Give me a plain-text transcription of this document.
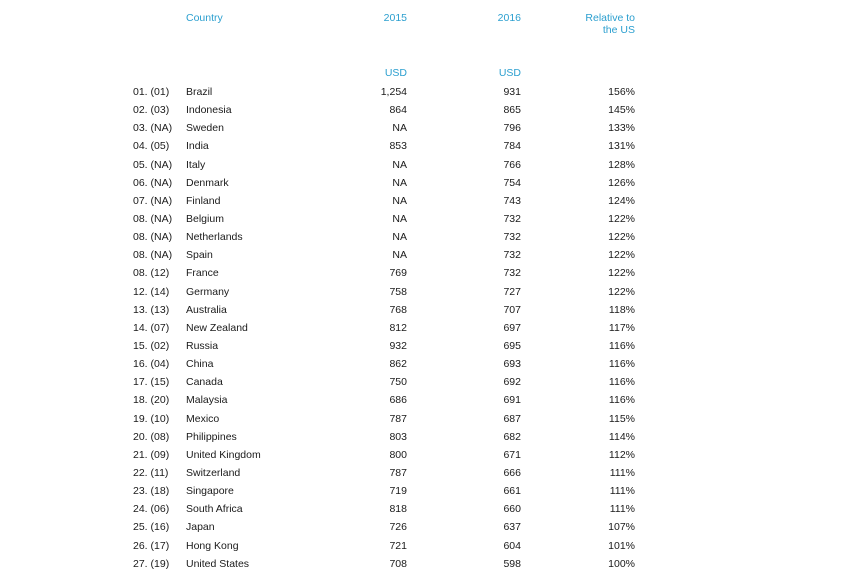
Country	2015	2016	Relative to
the US
USD	USD
01. (01) Brazil	1,254	931	156%
02. (03) Indonesia	864	865	145%
03. (NA) Sweden	NA	796	133%
04. (05) India	853	784	131%
05. (NA) Italy	NA	766	128%
06. (NA) Denmark	NA	754	126%
07. (NA) Finland	NA	743	124%
08. (NA) Belgium	NA	732	122%
08. (NA) Netherlands	NA	732	122%
08. (NA) Spain	NA	732	122%
08. (12) France	769	732	122%
12. (14) Germany	758	727	122%
13. (13) Australia	768	707	118%
14. (07) New Zealand	812	697	117%
15. (02) Russia	932	695	116%
16. (04) China	862	693	116%
17. (15) Canada	750	692	116%
18. (20) Malaysia	686	691	116%
19. (10) Mexico	787	687	115%
20. (08) Philippines	803	682	114%
21. (09) United Kingdom	800	671	112%
22. (11) Switzerland	787	666	111%
23. (18) Singapore	719	661	111%
24. (06) South Africa	818	660	111%
25. (16) Japan	726	637	107%
26. (17) Hong Kong	721	604	101%
27. (19) United States	708	598	100%
